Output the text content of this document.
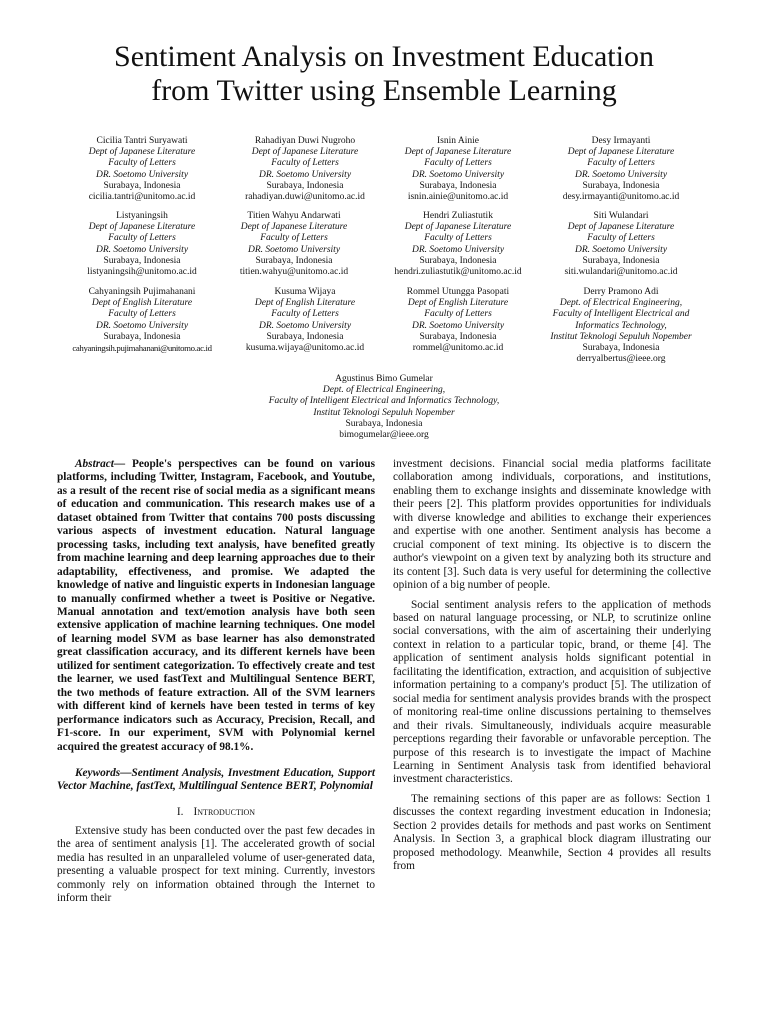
Sentiment Analysis on Investment Education
from Twitter using Ensemble Learning
Cicilia Tantri Suryawati
Dept of Japanese Literature
Faculty of Letters
DR. Soetomo University
Surabaya, Indonesia
cicilia.tantri@unitomo.ac.id
Rahadiyan Duwi Nugroho
Dept of Japanese Literature
Faculty of Letters
DR. Soetomo University
Surabaya, Indonesia
rahadiyan.duwi@unitomo.ac.id
Isnin Ainie
Dept of Japanese Literature
Faculty of Letters
DR. Soetomo University
Surabaya, Indonesia
isnin.ainie@unitomo.ac.id
Desy Irmayanti
Dept of Japanese Literature
Faculty of Letters
DR. Soetomo University
Surabaya, Indonesia
desy.irmayanti@unitomo.ac.id
Listyaningsih
Dept of Japanese Literature
Faculty of Letters
DR. Soetomo University
Surabaya, Indonesia
listyaningsih@unitomo.ac.id
Titien Wahyu Andarwati
Dept of Japanese Literature
Faculty of Letters
DR. Soetomo University
Surabaya, Indonesia
titien.wahyu@unitomo.ac.id
Hendri Zuliastutik
Dept of Japanese Literature
Faculty of Letters
DR. Soetomo University
Surabaya, Indonesia
hendri.zuliastutik@unitomo.ac.id
Siti Wulandari
Dept of Japanese Literature
Faculty of Letters
DR. Soetomo University
Surabaya, Indonesia
siti.wulandari@unitomo.ac.id
Cahyaningsih Pujimahanani
Dept of English Literature
Faculty of Letters
DR. Soetomo University
Surabaya, Indonesia
cahyaningsih.pujimahanani@unitomo.ac.id
Kusuma Wijaya
Dept of English Literature
Faculty of Letters
DR. Soetomo University
Surabaya, Indonesia
kusuma.wijaya@unitomo.ac.id
Rommel Utungga Pasopati
Dept of English Literature
Faculty of Letters
DR. Soetomo University
Surabaya, Indonesia
rommel@unitomo.ac.id
Derry Pramono Adi
Dept. of Electrical Engineering,
Faculty of Intelligent Electrical and
Informatics Technology,
Institut Teknologi Sepuluh Nopember
Surabaya, Indonesia
derryalbertus@ieee.org
Agustinus Bimo Gumelar
Dept. of Electrical Engineering,
Faculty of Intelligent Electrical and Informatics Technology,
Institut Teknologi Sepuluh Nopember
Surabaya, Indonesia
bimogumelar@ieee.org

Abstract— People's perspectives can be found on various platforms, including Twitter, Instagram, Facebook, and Youtube, as a result of the recent rise of social media as a significant means of education and communication. This research makes use of a dataset obtained from Twitter that contains 700 posts discussing various aspects of investment education. Natural language processing tasks, including text analysis, have benefited greatly from machine learning and deep learning approaches due to their adaptability, effectiveness, and promise. We adapted the knowledge of native and linguistic experts in Indonesian language to manually confirmed whether a tweet is Positive or Negative. Manual annotation and text/emotion analysis have both seen extensive application of machine learning techniques. One model of learning model SVM as base learner has also demonstrated great classification accuracy, and its different kernels have been utilized for sentiment categorization. To effectively create and test the learner, we used fastText and Multilingual Sentence BERT, the two methods of feature extraction. All of the SVM learners with different kind of kernels have been tested in terms of key performance indicators such as Accuracy, Precision, Recall, and F1-score. In our experiment, SVM with Polynomial kernel acquired the greatest accuracy of 98.1%.

Keywords—Sentiment Analysis, Investment Education, Support Vector Machine, fastText, Multilingual Sentence BERT, Polynomial

I. Introduction

Extensive study has been conducted over the past few decades in the area of sentiment analysis [1]. The accelerated growth of social media has resulted in an unparalleled volume of user-generated data, presenting a valuable prospect for text mining. Currently, investors commonly rely on information obtained through the Internet to inform their

investment decisions. Financial social media platforms facilitate collaboration among individuals, corporations, and institutions, enabling them to exchange insights and disseminate knowledge with their peers [2]. This platform provides opportunities for individuals with diverse knowledge and abilities to exchange their experiences and expertise with one another. Sentiment analysis has become a crucial component of text mining. Its objective is to discern the author's viewpoint on a given text by analyzing both its structure and its content [3]. Such data is very useful for determining the collective opinion of a big number of people.

Social sentiment analysis refers to the application of methods based on natural language processing, or NLP, to scrutinize online social conversations, with the aim of ascertaining their underlying context in relation to a particular topic, brand, or theme [4]. The application of sentiment analysis holds significant potential in facilitating the identification, extraction, and acquisition of subjective information pertaining to a company's product [5]. The utilization of social media for sentiment analysis provides brands with the prospect of monitoring real-time online discussions pertaining to themselves and their rivals. Simultaneously, individuals acquire measurable perceptions regarding their favorable or unfavorable perception. The purpose of this research is to investigate the impact of Machine Learning in Sentiment Analysis task from identified behavioral investment characteristics.

The remaining sections of this paper are as follows: Section 1 discusses the context regarding investment education in Indonesia; Section 2 provides details for methods and past works on Sentiment Analysis. In Section 3, a graphical block diagram illustrating our proposed methodology. Meanwhile, Section 4 provides all results from
